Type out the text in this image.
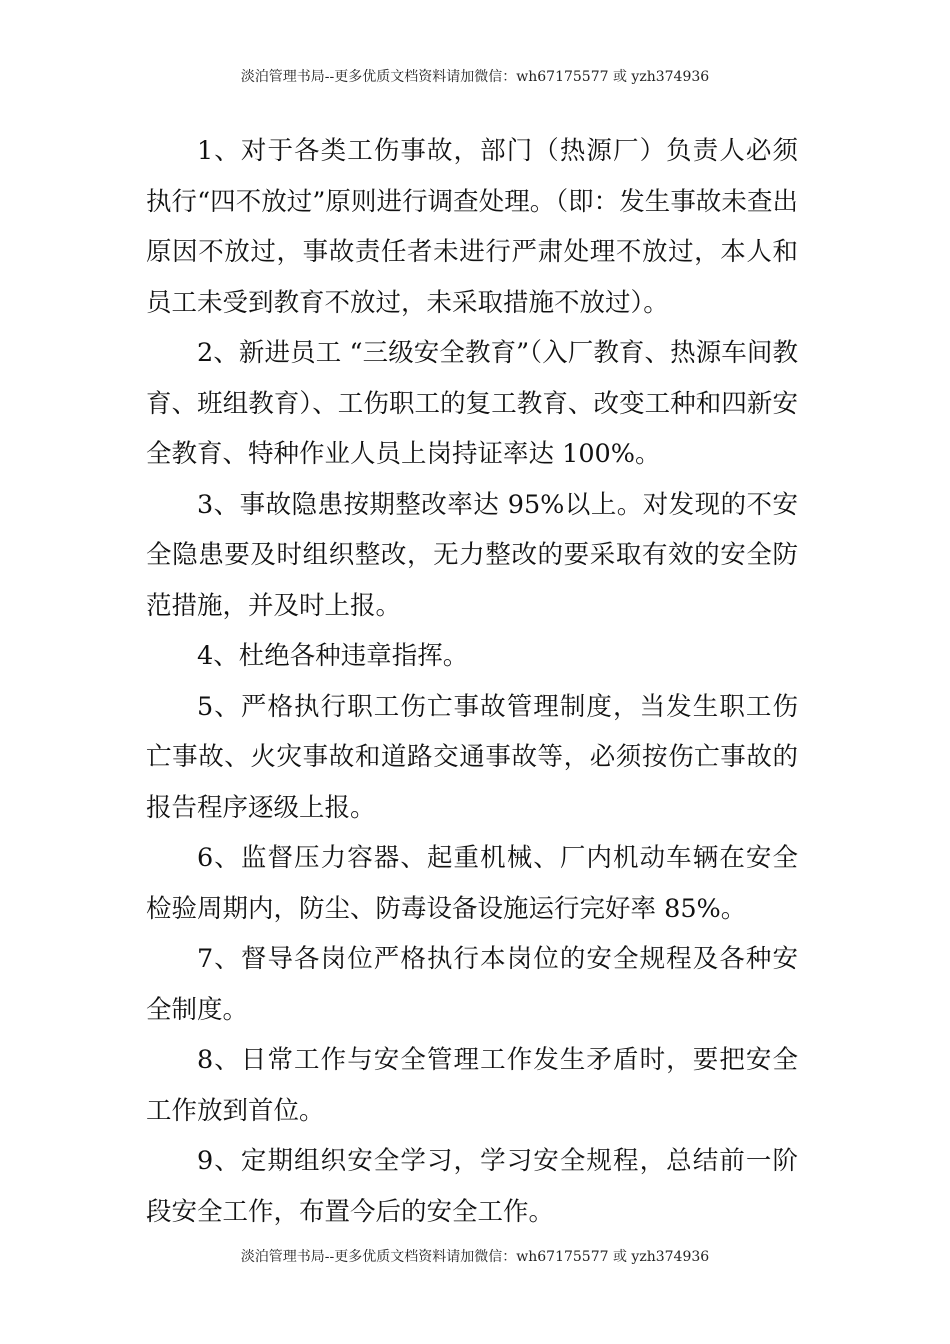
淡泊管理书局--更多优质文档资料请加微信：wh67175577 或 yzh374936

1、对于各类工伤事故，部门（热源厂）负责人必须执行“四不放过”原则进行调查处理。（即：发生事故未查出原因不放过，事故责任者未进行严肃处理不放过，本人和员工未受到教育不放过，未采取措施不放过）。

2、新进员工 “三级安全教育”（入厂教育、热源车间教育、班组教育）、工伤职工的复工教育、改变工种和四新安全教育、特种作业人员上岗持证率达 100%。

3、事故隐患按期整改率达 95%以上。对发现的不安全隐患要及时组织整改，无力整改的要采取有效的安全防范措施，并及时上报。

4、杜绝各种违章指挥。

5、严格执行职工伤亡事故管理制度，当发生职工伤亡事故、火灾事故和道路交通事故等，必须按伤亡事故的报告程序逐级上报。

6、监督压力容器、起重机械、厂内机动车辆在安全检验周期内，防尘、防毒设备设施运行完好率 85%。

7、督导各岗位严格执行本岗位的安全规程及各种安全制度。

8、日常工作与安全管理工作发生矛盾时，要把安全工作放到首位。

9、定期组织安全学习，学习安全规程，总结前一阶段安全工作，布置今后的安全工作。

淡泊管理书局--更多优质文档资料请加微信：wh67175577 或 yzh374936
